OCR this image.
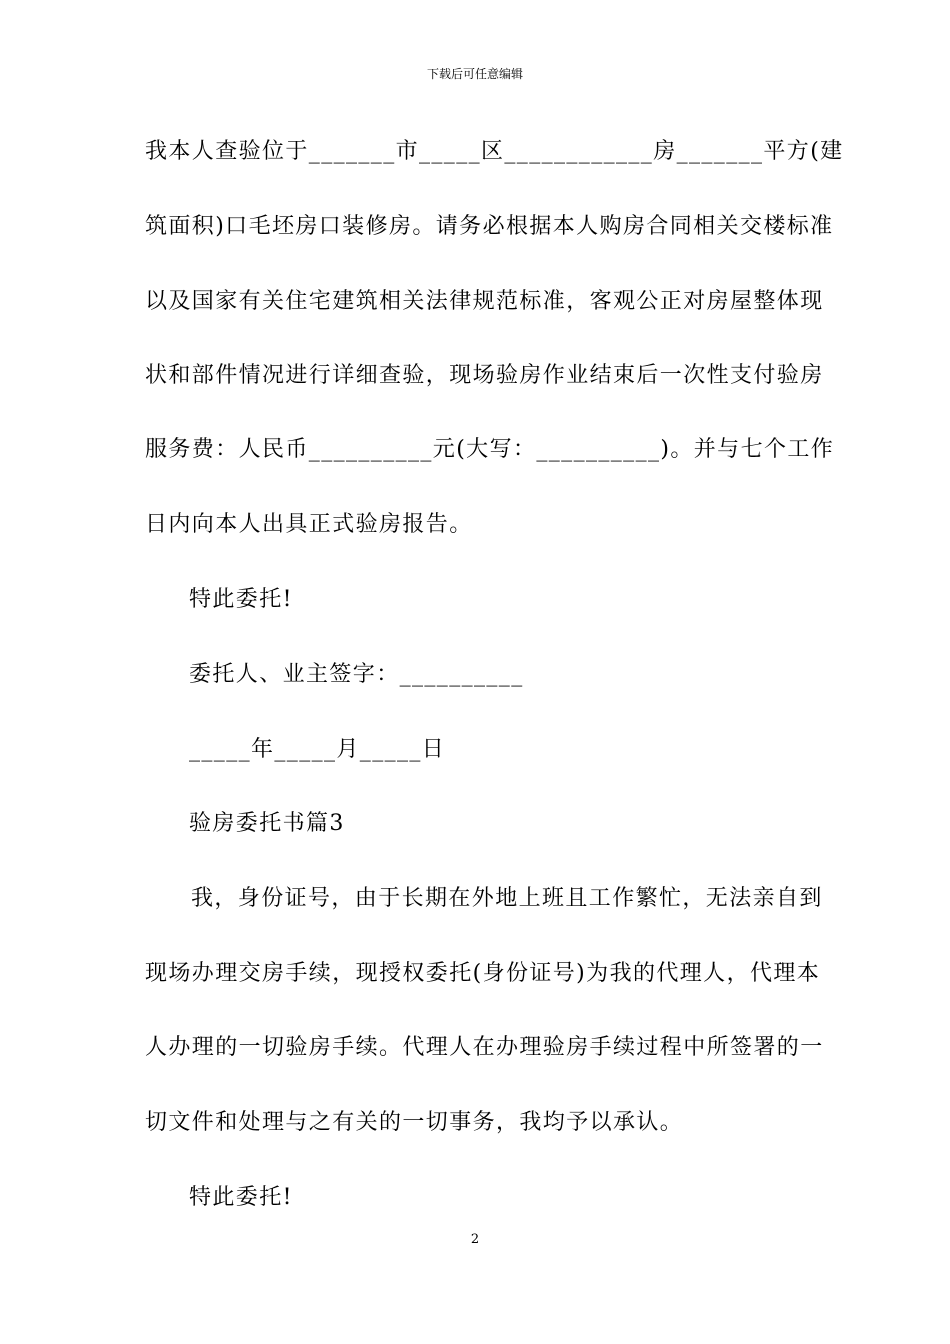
下载后可任意编辑
我本人查验位于_______市_____区____________房_______平方(建
筑面积)口毛坯房口装修房。请务必根据本人购房合同相关交楼标准
以及国家有关住宅建筑相关法律规范标准，客观公正对房屋整体现
状和部件情况进行详细查验，现场验房作业结束后一次性支付验房
服务费：人民币__________元(大写：__________)。并与七个工作
日内向本人出具正式验房报告。
特此委托!
委托人、业主签字：__________
_____年_____月_____日
验房委托书篇3
我，身份证号，由于长期在外地上班且工作繁忙，无法亲自到
现场办理交房手续，现授权委托(身份证号)为我的代理人，代理本
人办理的一切验房手续。代理人在办理验房手续过程中所签署的一
切文件和处理与之有关的一切事务，我均予以承认。
特此委托!
2
